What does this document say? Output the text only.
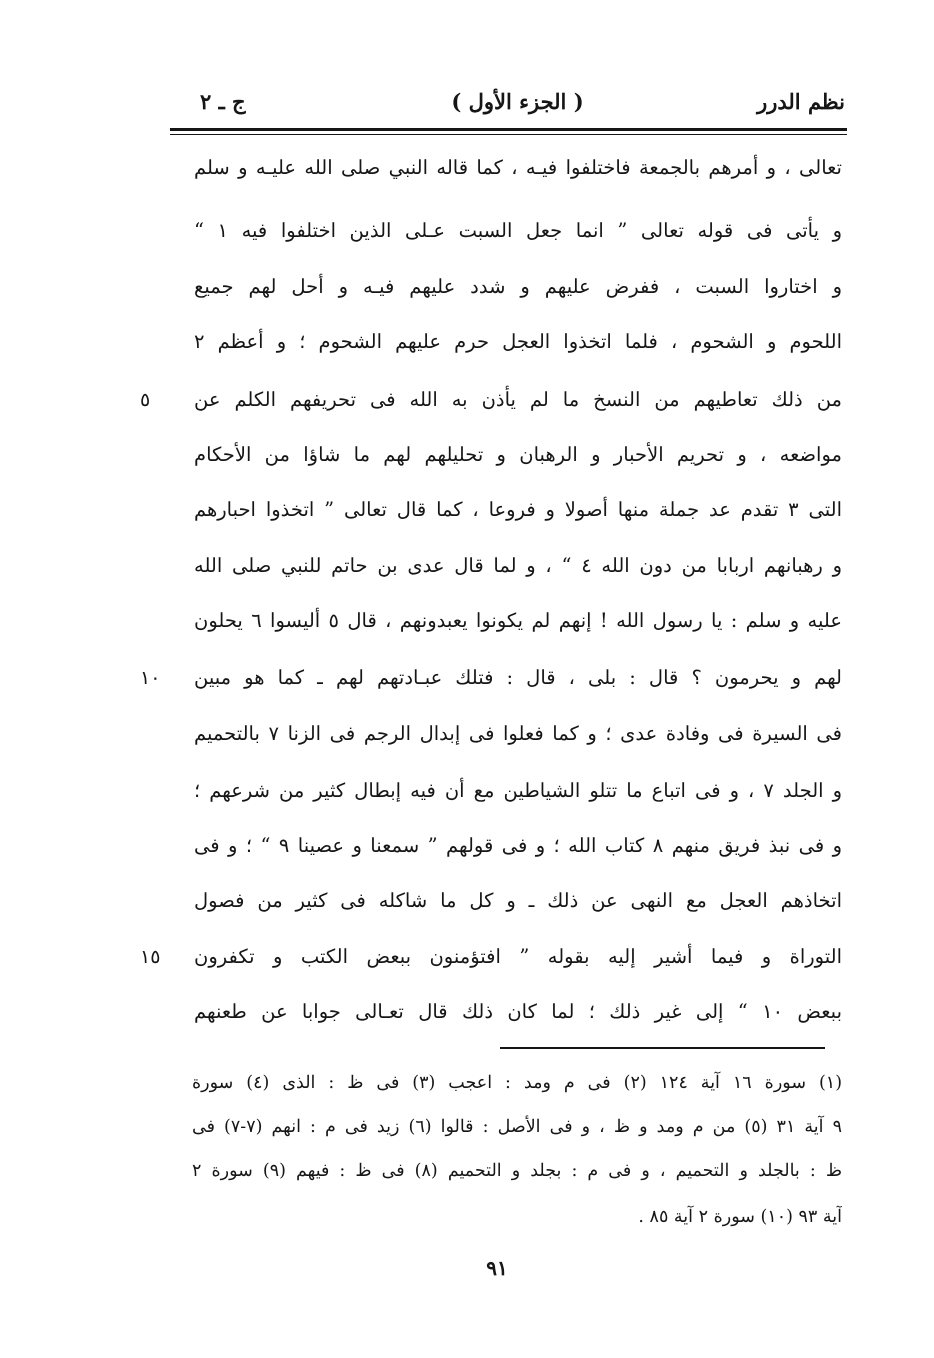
نظم الدرر
( الجزء الأول )
ج ـ ٢
تعالى ، و أمرهم بالجمعة فاختلفوا فيـه ، كما قاله النبي صلى الله عليـه و سلم
و يأتى فى قوله تعالى ” انما جعل السبت عـلى الذين اختلفوا فيه ١ “
و اختاروا السبت ، ففرض عليهم و شدد عليهم فيـه و أحل لهم جميع
اللحوم و الشحوم ، فلما اتخذوا العجل حرم عليهم الشحوم ؛ و أعظم ٢
من ذلك تعاطيهم من النسخ ما لم يأذن به الله فى تحريفهم الكلم عن
مواضعه ، و تحريم الأحبار و الرهبان و تحليلهم لهم ما شاؤا من الأحكام
التى ٣ تقدم عد جملة منها أصولا و فروعا ، كما قال تعالى ” اتخذوا احبارهم
و رهبانهم اربابا من دون الله ٤ “ ، و لما قال عدى بن حاتم للنبي صلى الله
عليه و سلم : يا رسول الله ! إنهم لم يكونوا يعبدونهم ، قال ٥ أليسوا ٦ يحلون
لهم و يحرمون ؟ قال : بلى ، قال : فتلك عبـادتهم لهم ـ كما هو مبين
فى السيرة فى وفادة عدى ؛ و كما فعلوا فى إبدال الرجم فى الزنا ٧ بالتحميم
و الجلد ٧ ، و فى اتباع ما تتلو الشياطين مع أن فيه إبطال كثير من شرعهم ؛
و فى نبذ فريق منهم ٨ كتاب الله ؛ و فى قولهم ” سمعنا و عصينا ٩ “ ؛ و فى
اتخاذهم العجل مع النهى عن ذلك ـ و كل ما شاكله فى كثير من فصول
التوراة و فيما أشير إليه بقوله ” افتؤمنون ببعض الكتب و تكفرون
ببعض ١٠ “ إلى غير ذلك ؛ لما كان ذلك قال تعـالى جوابا عن طعنهم
٥
١٠
١٥
(١) سورة ١٦ آية ١٢٤ (٢) فى م ومد : اعجب (٣) فى ظ : الذى (٤) سورة
٩ آية ٣١ (٥) من م ومد و ظ ، و فى الأصل : قالوا (٦) زيد فى م : انهم (٧-٧) فى
ظ : بالجلد و التحميم ، و فى م : بجلد و التحميم (٨) فى ظ : فيهم (٩) سورة ٢
آية ٩٣ (١٠) سورة ٢ آية ٨٥ .
٩١
